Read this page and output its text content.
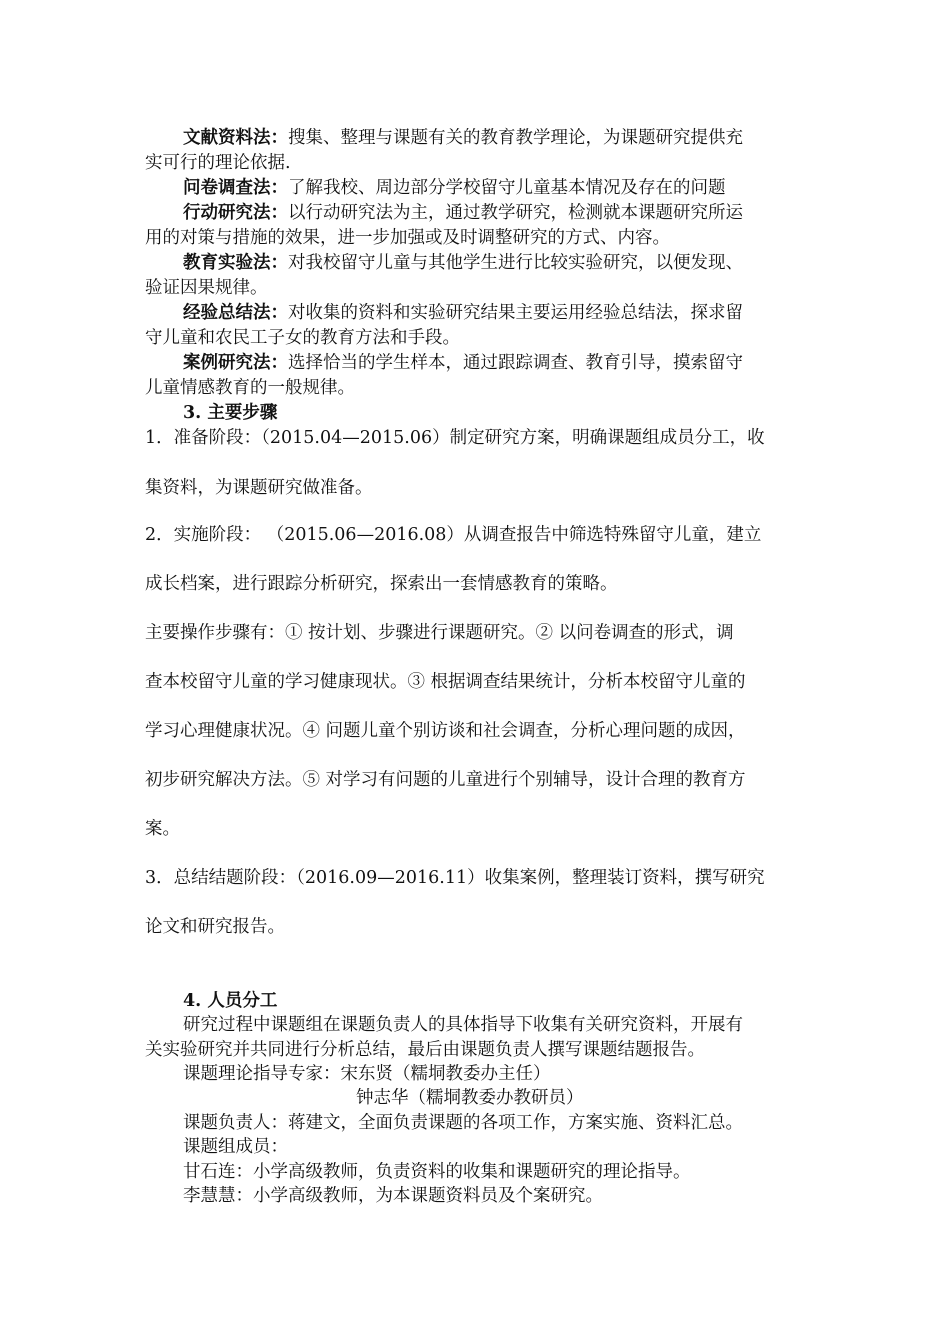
文献资料法：搜集、整理与课题有关的教育教学理论，为课题研究提供充
实可行的理论依据.
问卷调查法：了解我校、周边部分学校留守儿童基本情况及存在的问题
行动研究法：以行动研究法为主，通过教学研究，检测就本课题研究所运
用的对策与措施的效果，进一步加强或及时调整研究的方式、内容。
教育实验法：对我校留守儿童与其他学生进行比较实验研究，以便发现、
验证因果规律。
经验总结法：对收集的资料和实验研究结果主要运用经验总结法，探求留
守儿童和农民工子女的教育方法和手段。
案例研究法：选择恰当的学生样本，通过跟踪调查、教育引导，摸索留守
儿童情感教育的一般规律。
3. 主要步骤
1．准备阶段：（2015.04—2015.06）制定研究方案，明确课题组成员分工，收
集资料，为课题研究做准备。
2．实施阶段： （2015.06—2016.08）从调查报告中筛选特殊留守儿童，建立
成长档案，进行跟踪分析研究，探索出一套情感教育的策略。
主要操作步骤有：① 按计划、步骤进行课题研究。② 以问卷调查的形式，调
查本校留守儿童的学习健康现状。③ 根据调查结果统计，分析本校留守儿童的
学习心理健康状况。④ 问题儿童个别访谈和社会调查，分析心理问题的成因，
初步研究解决方法。⑤ 对学习有问题的儿童进行个别辅导，设计合理的教育方
案。
3．总结结题阶段：（2016.09—2016.11）收集案例，整理装订资料，撰写研究
论文和研究报告。
4. 人员分工
研究过程中课题组在课题负责人的具体指导下收集有关研究资料，开展有
关实验研究并共同进行分析总结，最后由课题负责人撰写课题结题报告。
课题理论指导专家：宋东贤（糯垌教委办主任）
钟志华（糯垌教委办教研员）
课题负责人：蒋建文，全面负责课题的各项工作，方案实施、资料汇总。
课题组成员：
甘石连：小学高级教师，负责资料的收集和课题研究的理论指导。
李慧慧：小学高级教师，为本课题资料员及个案研究。
